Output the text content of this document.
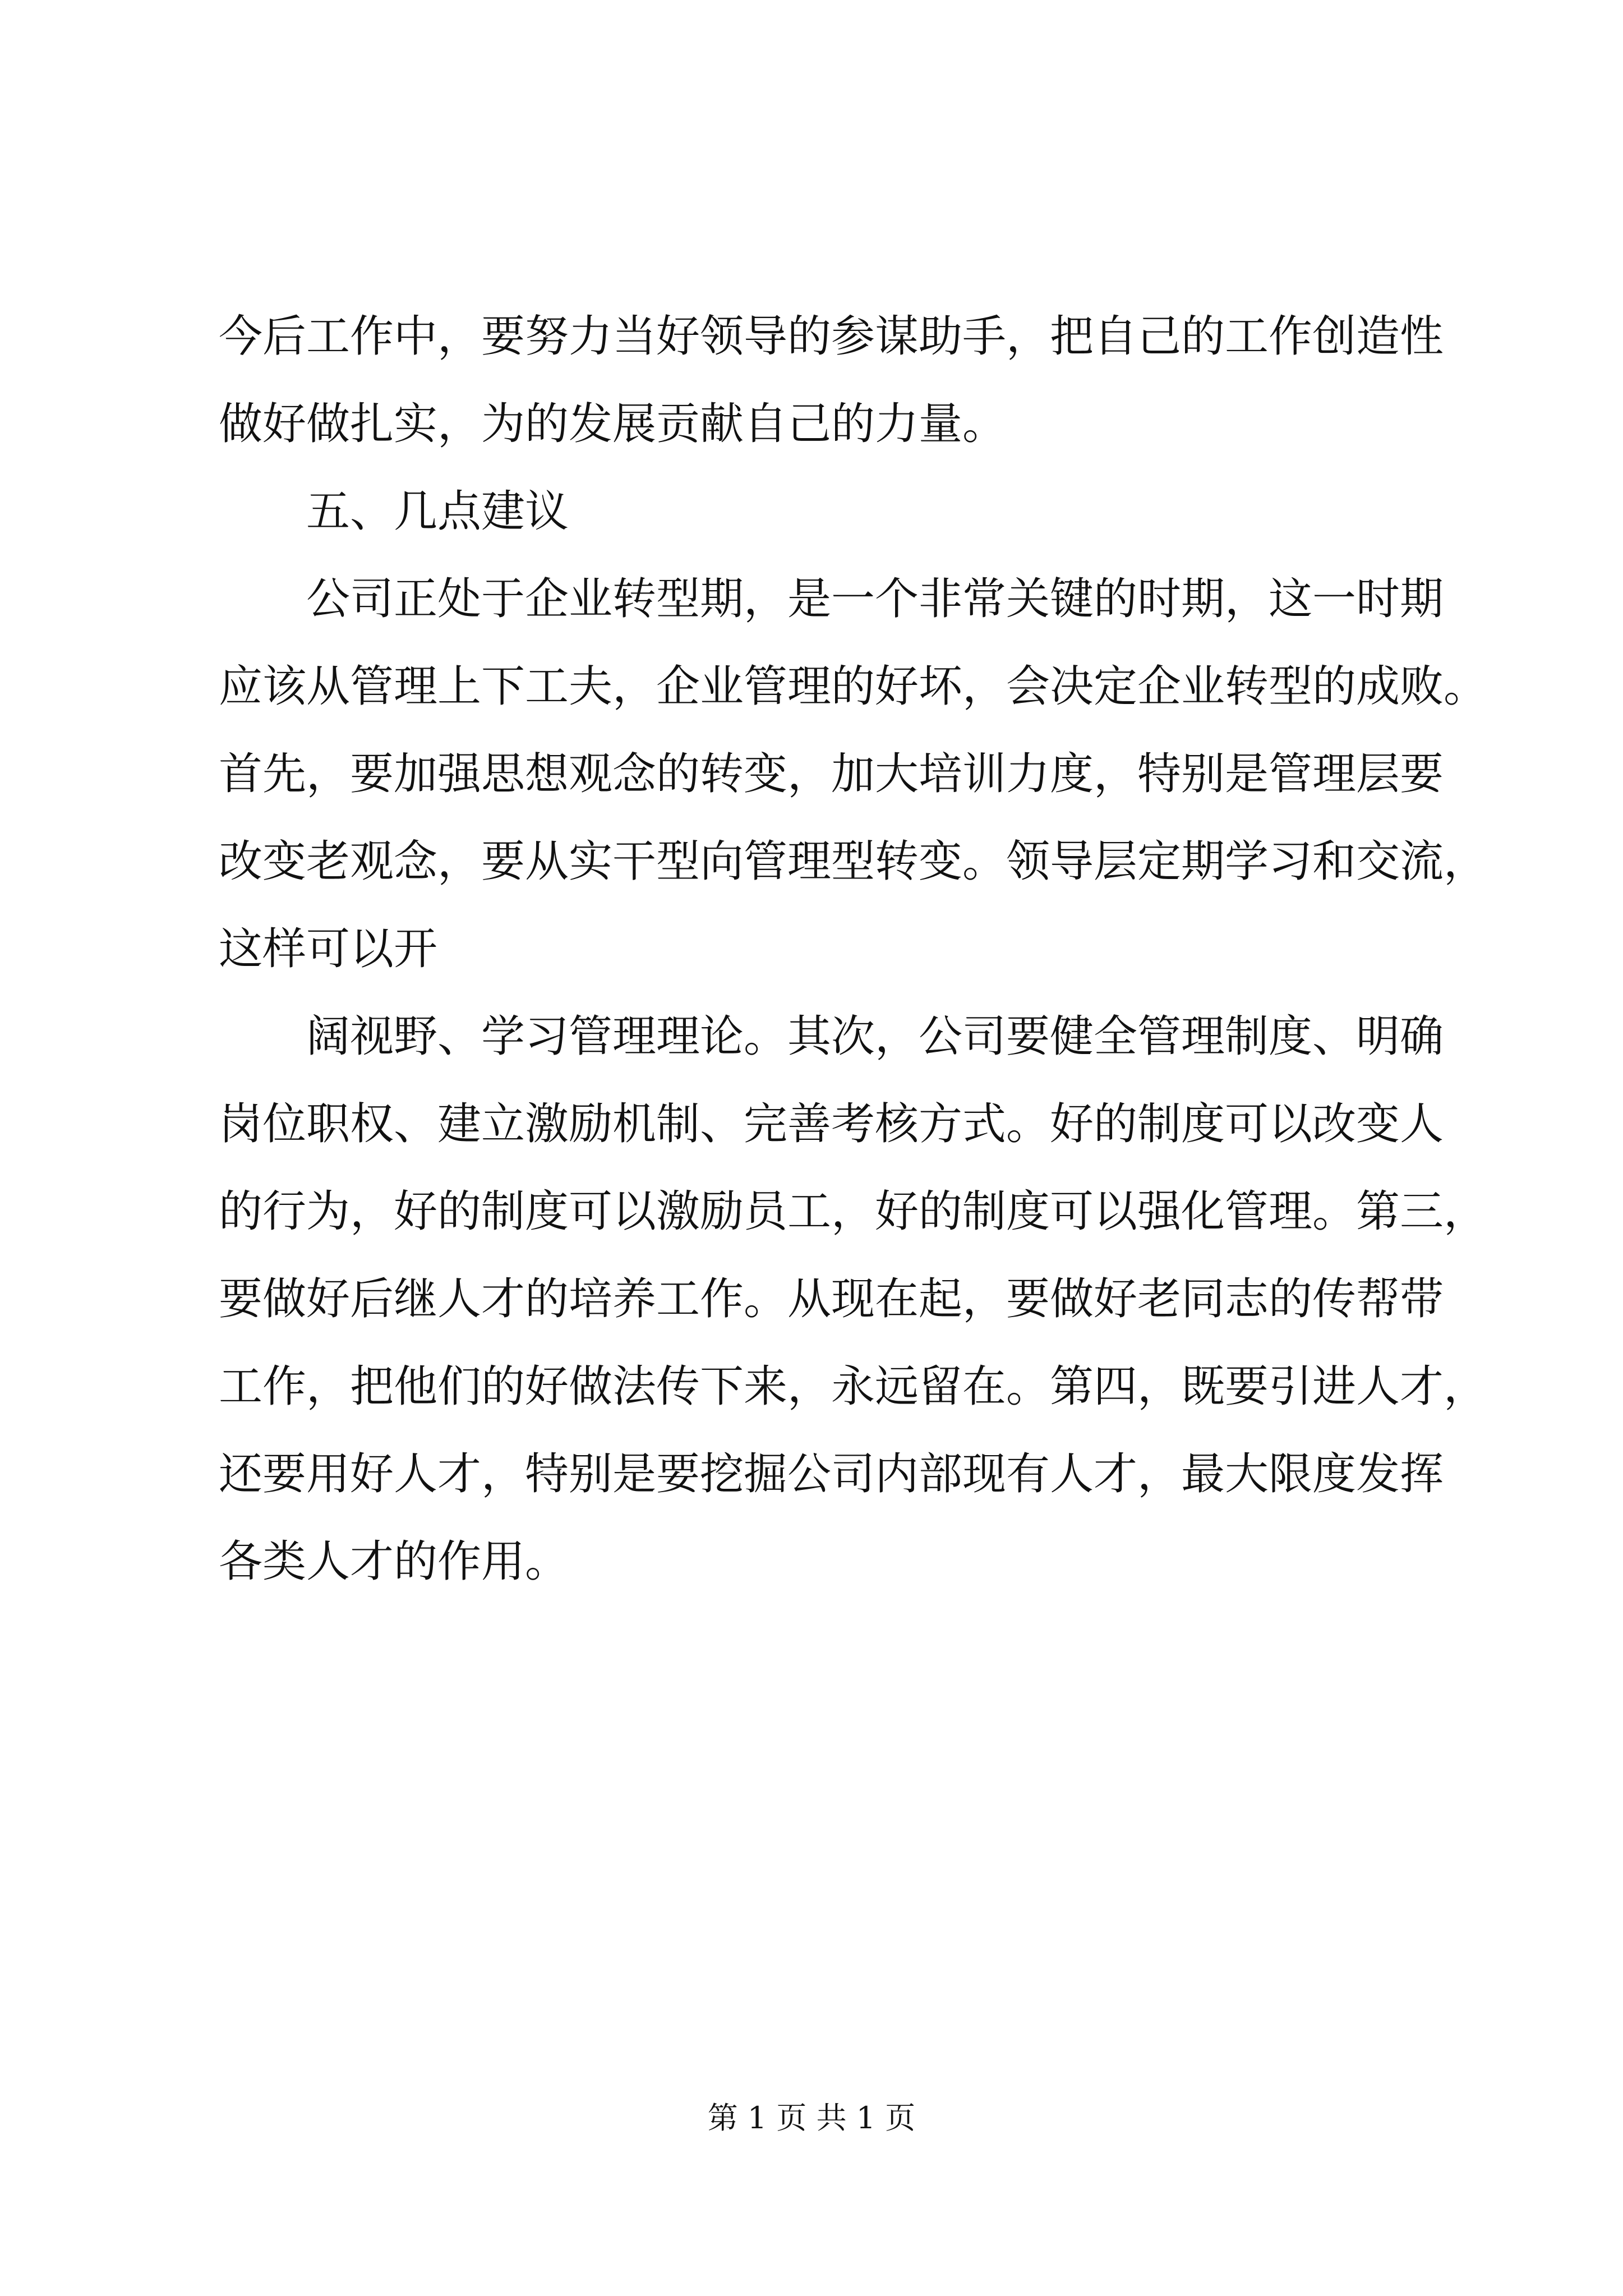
今后工作中，要努力当好领导的参谋助手，把自己的工作创造性
做好做扎实，为的发展贡献自己的力量。
五、几点建议
公司正处于企业转型期，是一个非常关键的时期，这一时期
应该从管理上下工夫，企业管理的好坏，会决定企业转型的成败。
首先，要加强思想观念的转变，加大培训力度，特别是管理层要
改变老观念，要从实干型向管理型转变。领导层定期学习和交流，
这样可以开
阔视野、学习管理理论。其次，公司要健全管理制度、明确
岗位职权、建立激励机制、完善考核方式。好的制度可以改变人
的行为，好的制度可以激励员工，好的制度可以强化管理。第三，
要做好后继人才的培养工作。从现在起，要做好老同志的传帮带
工作，把他们的好做法传下来，永远留在。第四，既要引进人才，
还要用好人才，特别是要挖掘公司内部现有人才，最大限度发挥
各类人才的作用。
第 1 页 共 1 页
